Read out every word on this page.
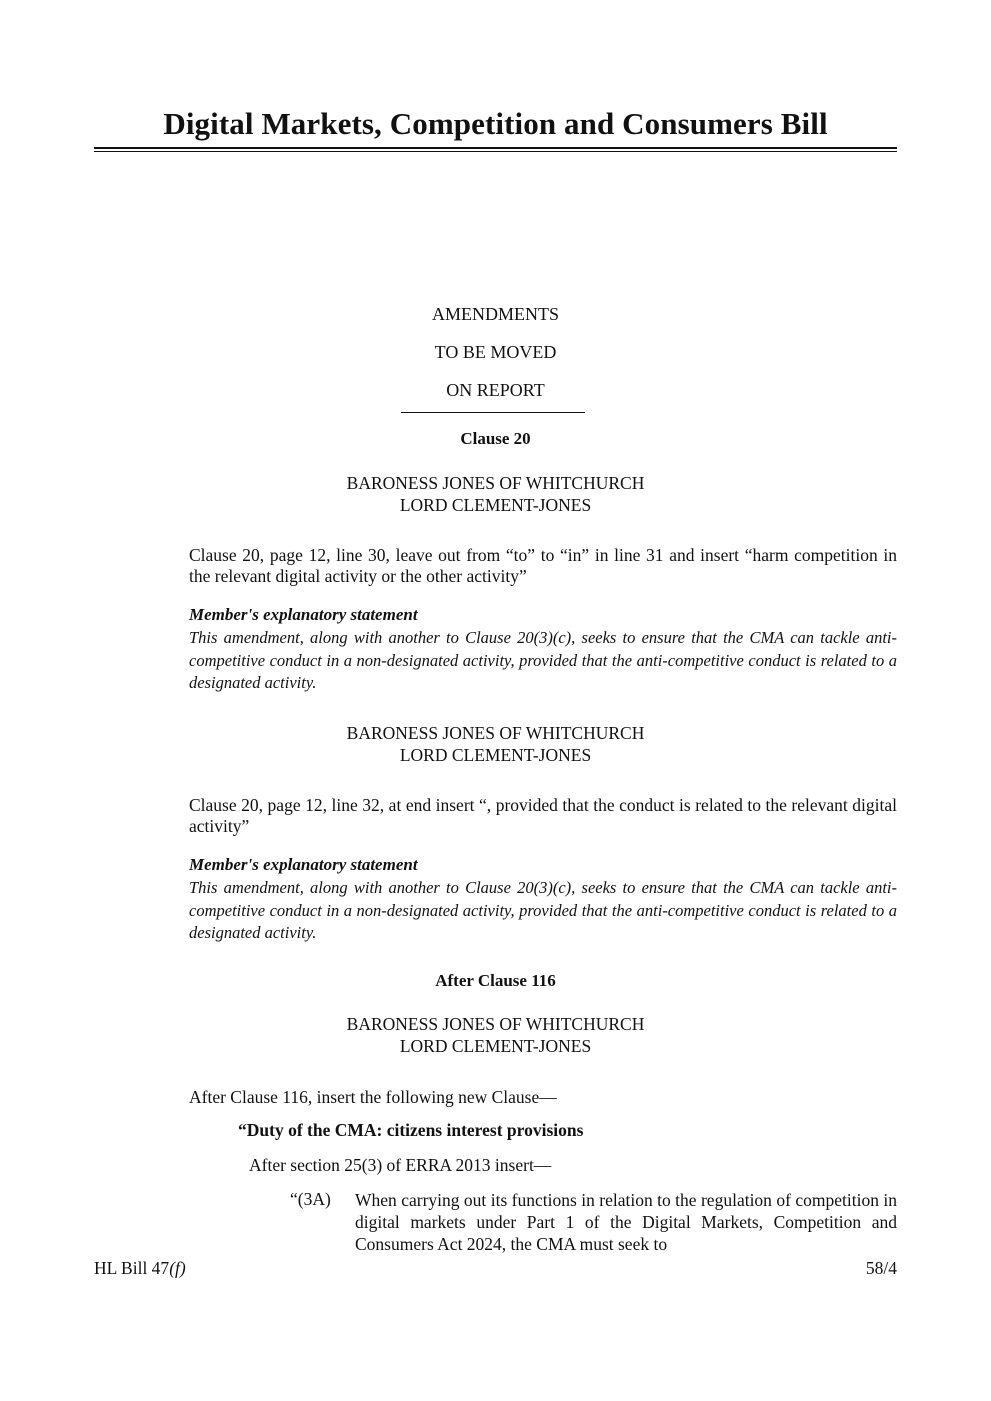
Digital Markets, Competition and Consumers Bill
AMENDMENTS
TO BE MOVED
ON REPORT
Clause 20
BARONESS JONES OF WHITCHURCH
LORD CLEMENT-JONES

Clause 20, page 12, line 30, leave out from “to” to “in” in line 31 and insert “harm competition in the relevant digital activity or the other activity”

Member's explanatory statement

This amendment, along with another to Clause 20(3)(c), seeks to ensure that the CMA can tackle anti-competitive conduct in a non-designated activity, provided that the anti-competitive conduct is related to a designated activity.

BARONESS JONES OF WHITCHURCH
LORD CLEMENT-JONES

Clause 20, page 12, line 32, at end insert “, provided that the conduct is related to the relevant digital activity”

Member's explanatory statement

This amendment, along with another to Clause 20(3)(c), seeks to ensure that the CMA can tackle anti-competitive conduct in a non-designated activity, provided that the anti-competitive conduct is related to a designated activity.

After Clause 116
BARONESS JONES OF WHITCHURCH
LORD CLEMENT-JONES

After Clause 116, insert the following new Clause—

“Duty of the CMA: citizens interest provisions

After section 25(3) of ERRA 2013 insert—

“(3A) When carrying out its functions in relation to the regulation of competition in digital markets under Part 1 of the Digital Markets, Competition and Consumers Act 2024, the CMA must seek to

HL Bill 47(f)	58/4
